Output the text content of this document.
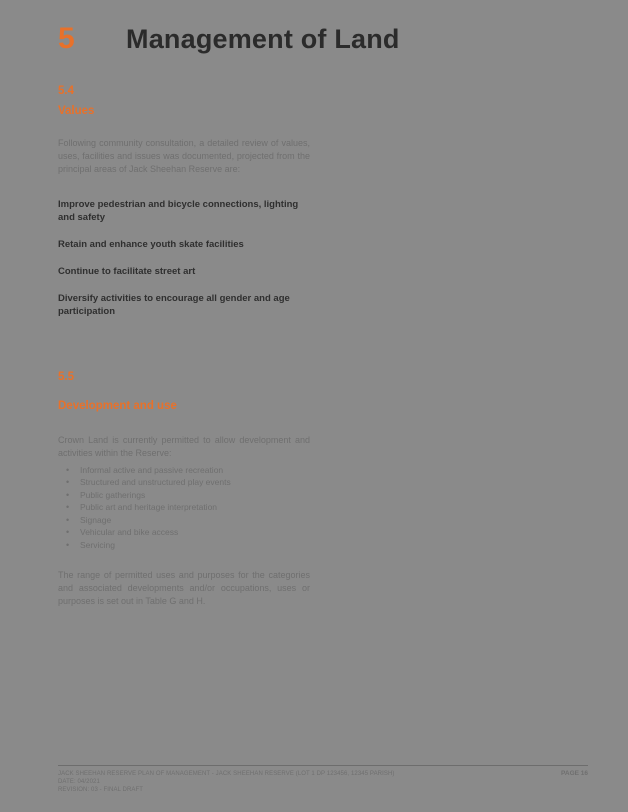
5	Management of Land
5.4
Values
Following community consultation, a detailed review of values, uses, facilities and issues was documented, projected from the principal areas of Jack Sheehan Reserve are:
Improve pedestrian and bicycle connections, lighting and safety
Retain and enhance youth skate facilities
Continue to facilitate street art
Diversify activities to encourage all gender and age participation
5.5
Development and use
Crown Land is currently permitted to allow development and activities within the Reserve:
• Informal active and passive recreation
• Structured and unstructured play events
• Public gatherings
• Public art and heritage interpretation
• Signage
• Vehicular and bike access
• Servicing
The range of permitted uses and purposes for the categories and associated developments and/or occupations, uses or purposes is set out in Table G and H.
JACK SHEEHAN RESERVE PLAN OF MANAGEMENT - JACK SHEEHAN RESERVE (LOT 1 DP 123456, 12345 PARISH)
DATE: 04/2021
REVISION: 03 - FINAL DRAFT
PAGE 16
